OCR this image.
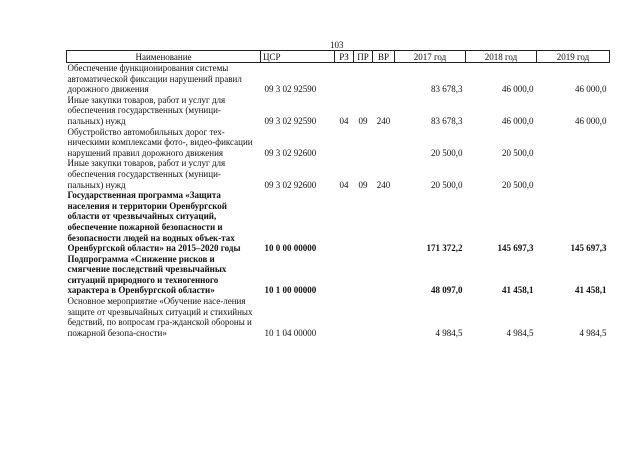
103
Наименование	ЦСР	РЗ	ПР	ВР	2017 год	2018 год	2019 год

Обеспечение функционирования системы автоматической фиксации нарушений правил дорожного движения	09 3 02 92590				83 678,3	46 000,0	46 000,0

Иные закупки товаров, работ и услуг для обеспечения государственных (муници-пальных) нужд	09 3 02 92590	04	09	240	83 678,3	46 000,0	46 000,0

Обустройство автомобильных дорог тех-ническими комплексами фото-, видео-фиксации нарушений правил дорожного движения	09 3 02 92600				20 500,0	20 500,0	

Иные закупки товаров, работ и услуг для обеспечения государственных (муници-пальных) нужд	09 3 02 92600	04	09	240	20 500,0	20 500,0	

Государственная программа «Защита населения и территории Оренбургской области от чрезвычайных ситуаций, обеспечение пожарной безопасности и безопасности людей на водных объек-тах Оренбургской области» на 2015–2020 годы	10 0 00 00000				171 372,2	145 697,3	145 697,3

Подпрограмма «Снижение рисков и смягчение последствий чрезвычайных ситуаций природного и техногенного характера в Оренбургской области»	10 1 00 00000				48 097,0	41 458,1	41 458,1

Основное мероприятие «Обучение насе-ления защите от чрезвычайных ситуаций и стихийных бедствий, по вопросам гра-жданской обороны и пожарной безопа-сности»	10 1 04 00000				4 984,5	4 984,5	4 984,5
